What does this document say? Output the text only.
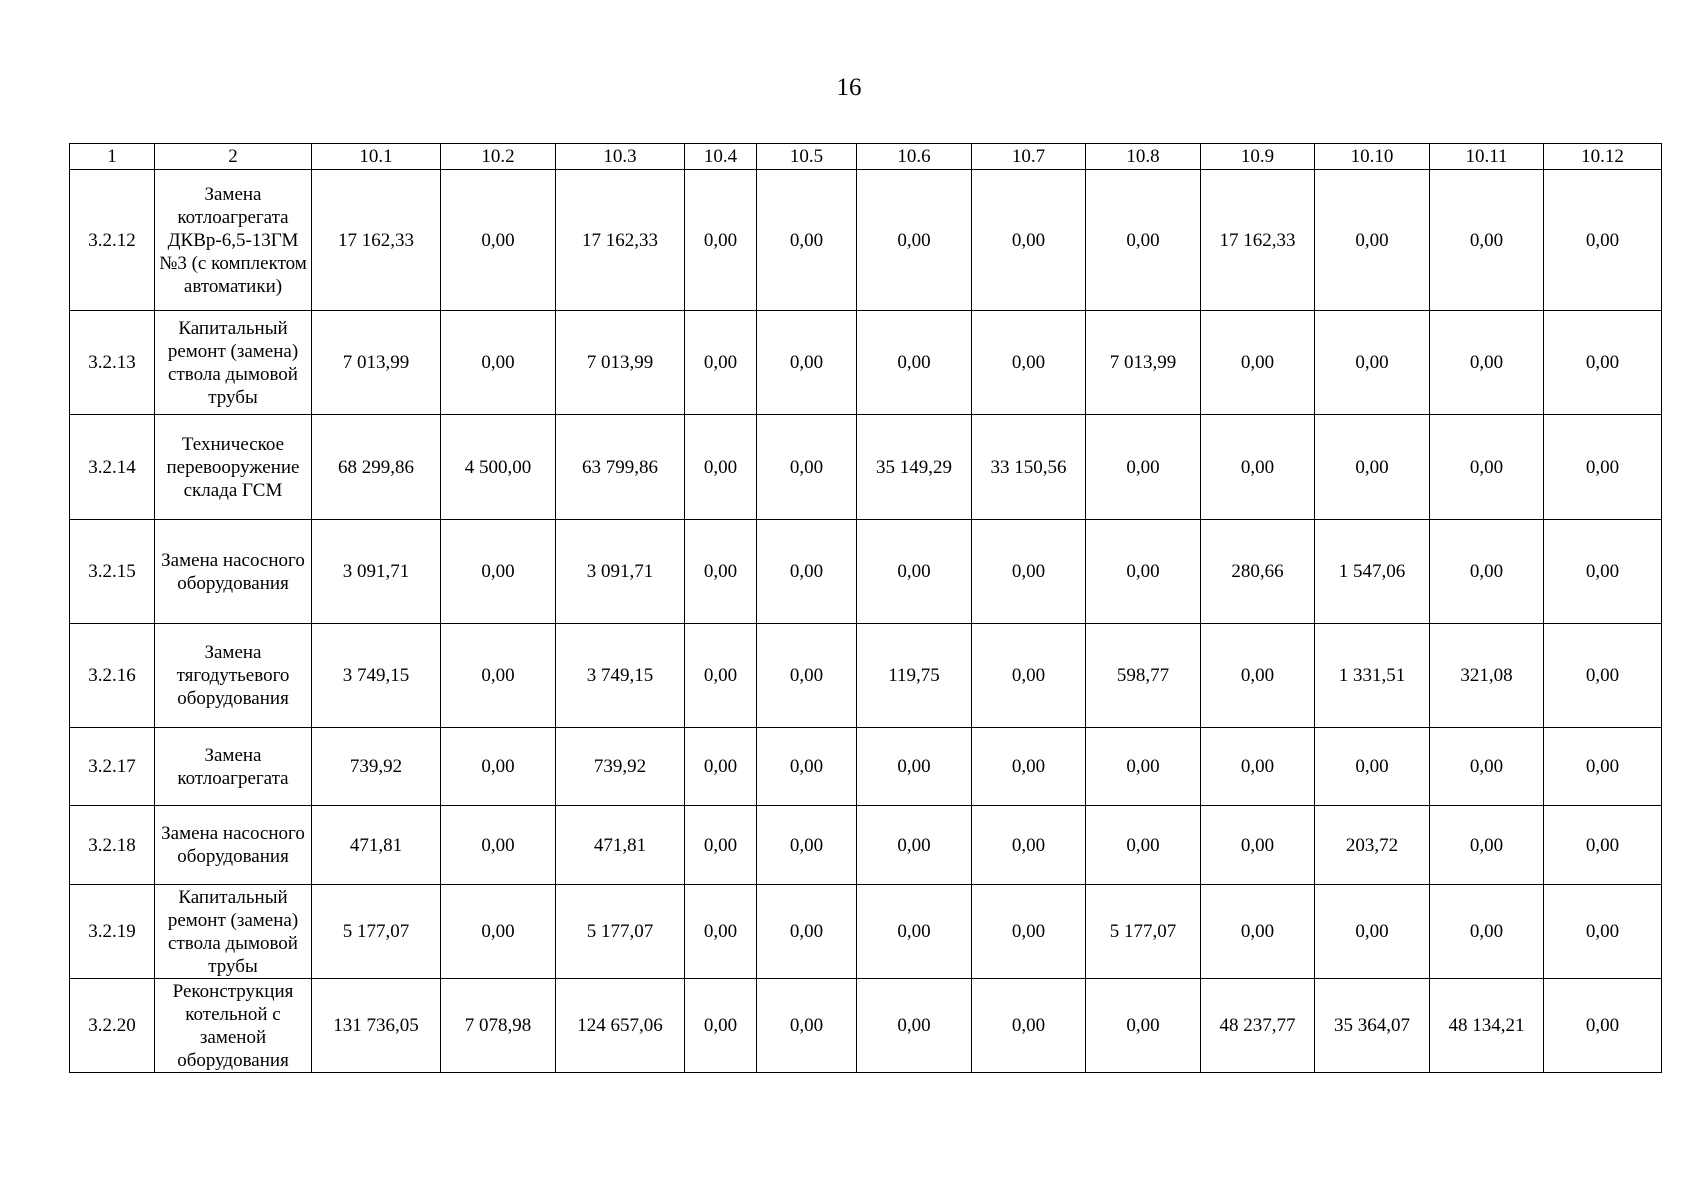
16
1	2	10.1	10.2	10.3	10.4	10.5	10.6	10.7	10.8	10.9	10.10	10.11	10.12
3.2.12	Замена котлоагрегата ДКВр-6,5-13ГМ №3 (с комплектом автоматики)	17 162,33	0,00	17 162,33	0,00	0,00	0,00	0,00	0,00	17 162,33	0,00	0,00	0,00
3.2.13	Капитальный ремонт (замена) ствола дымовой трубы	7 013,99	0,00	7 013,99	0,00	0,00	0,00	0,00	7 013,99	0,00	0,00	0,00	0,00
3.2.14	Техническое перевооружение склада ГСМ	68 299,86	4 500,00	63 799,86	0,00	0,00	35 149,29	33 150,56	0,00	0,00	0,00	0,00	0,00
3.2.15	Замена насосного оборудования	3 091,71	0,00	3 091,71	0,00	0,00	0,00	0,00	0,00	280,66	1 547,06	0,00	0,00
3.2.16	Замена тягодутьевого оборудования	3 749,15	0,00	3 749,15	0,00	0,00	119,75	0,00	598,77	0,00	1 331,51	321,08	0,00
3.2.17	Замена котлоагрегата	739,92	0,00	739,92	0,00	0,00	0,00	0,00	0,00	0,00	0,00	0,00	0,00
3.2.18	Замена насосного оборудования	471,81	0,00	471,81	0,00	0,00	0,00	0,00	0,00	0,00	203,72	0,00	0,00
3.2.19	Капитальный ремонт (замена) ствола дымовой трубы	5 177,07	0,00	5 177,07	0,00	0,00	0,00	0,00	5 177,07	0,00	0,00	0,00	0,00
3.2.20	Реконструкция котельной с заменой оборудования	131 736,05	7 078,98	124 657,06	0,00	0,00	0,00	0,00	0,00	48 237,77	35 364,07	48 134,21	0,00
